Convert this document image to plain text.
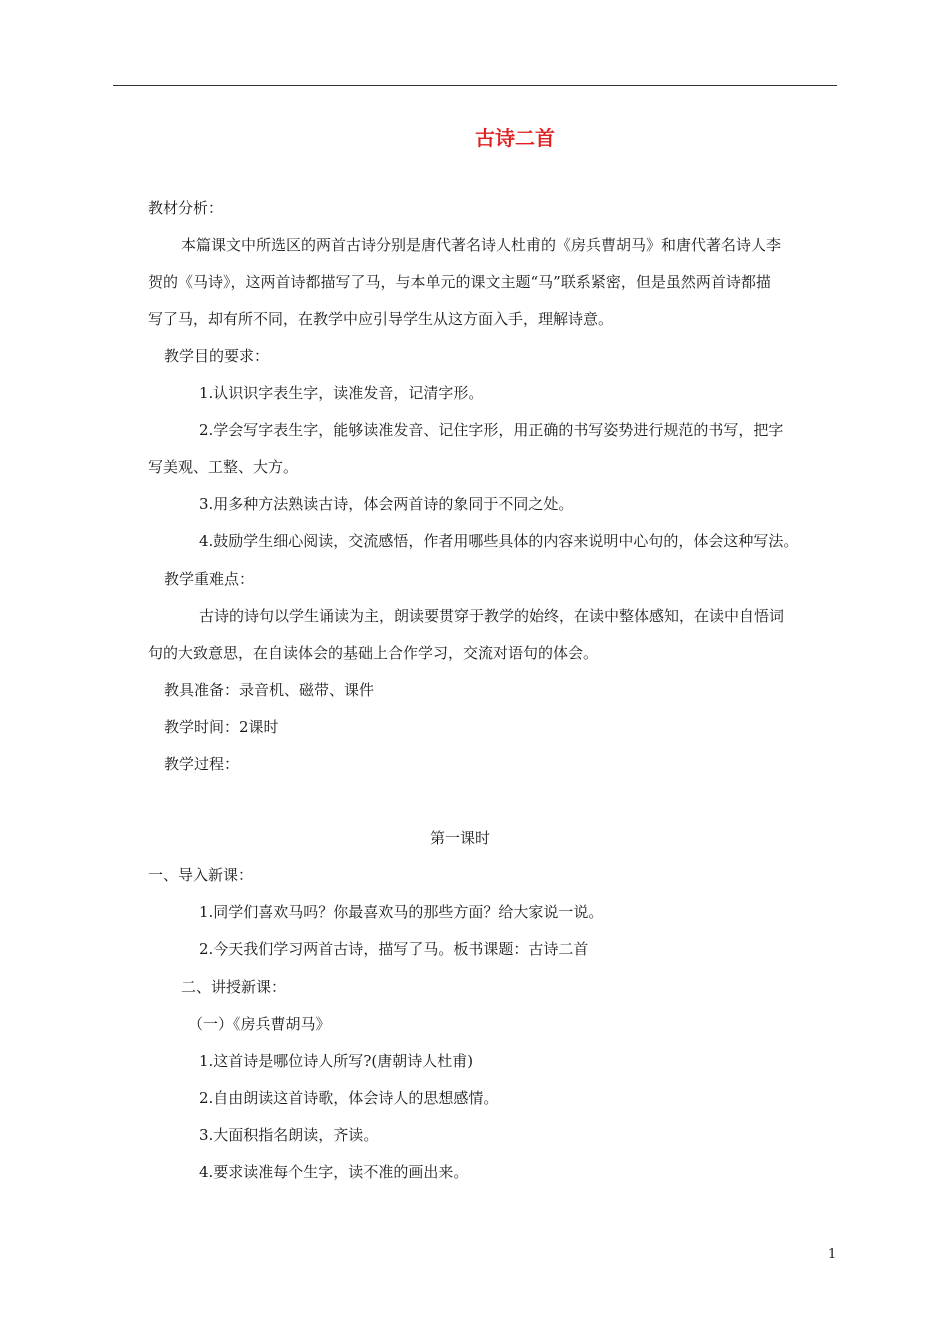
古诗二首
教材分析：
本篇课文中所选区的两首古诗分别是唐代著名诗人杜甫的《房兵曹胡马》和唐代著名诗人李
贺的《马诗》，这两首诗都描写了马，与本单元的课文主题“马”联系紧密，但是虽然两首诗都描
写了马，却有所不同，在教学中应引导学生从这方面入手，理解诗意。
教学目的要求：
1.认识识字表生字，读准发音，记清字形。
2.学会写字表生字，能够读准发音、记住字形，用正确的书写姿势进行规范的书写，把字
写美观、工整、大方。
3.用多种方法熟读古诗，体会两首诗的象同于不同之处。
4.鼓励学生细心阅读，交流感悟，作者用哪些具体的内容来说明中心句的，体会这种写法。
教学重难点：
古诗的诗句以学生诵读为主，朗读要贯穿于教学的始终，在读中整体感知，在读中自悟词
句的大致意思，在自读体会的基础上合作学习，交流对语句的体会。
教具准备：录音机、磁带、课件
教学时间：2课时
教学过程：
第一课时
一、导入新课：
1.同学们喜欢马吗？你最喜欢马的那些方面？给大家说一说。
2.今天我们学习两首古诗，描写了马。板书课题：古诗二首
二、讲授新课：
（一）《房兵曹胡马》
1.这首诗是哪位诗人所写?(唐朝诗人杜甫)
2.自由朗读这首诗歌，体会诗人的思想感情。
3.大面积指名朗读，齐读。
4.要求读准每个生字，读不准的画出来。
1
